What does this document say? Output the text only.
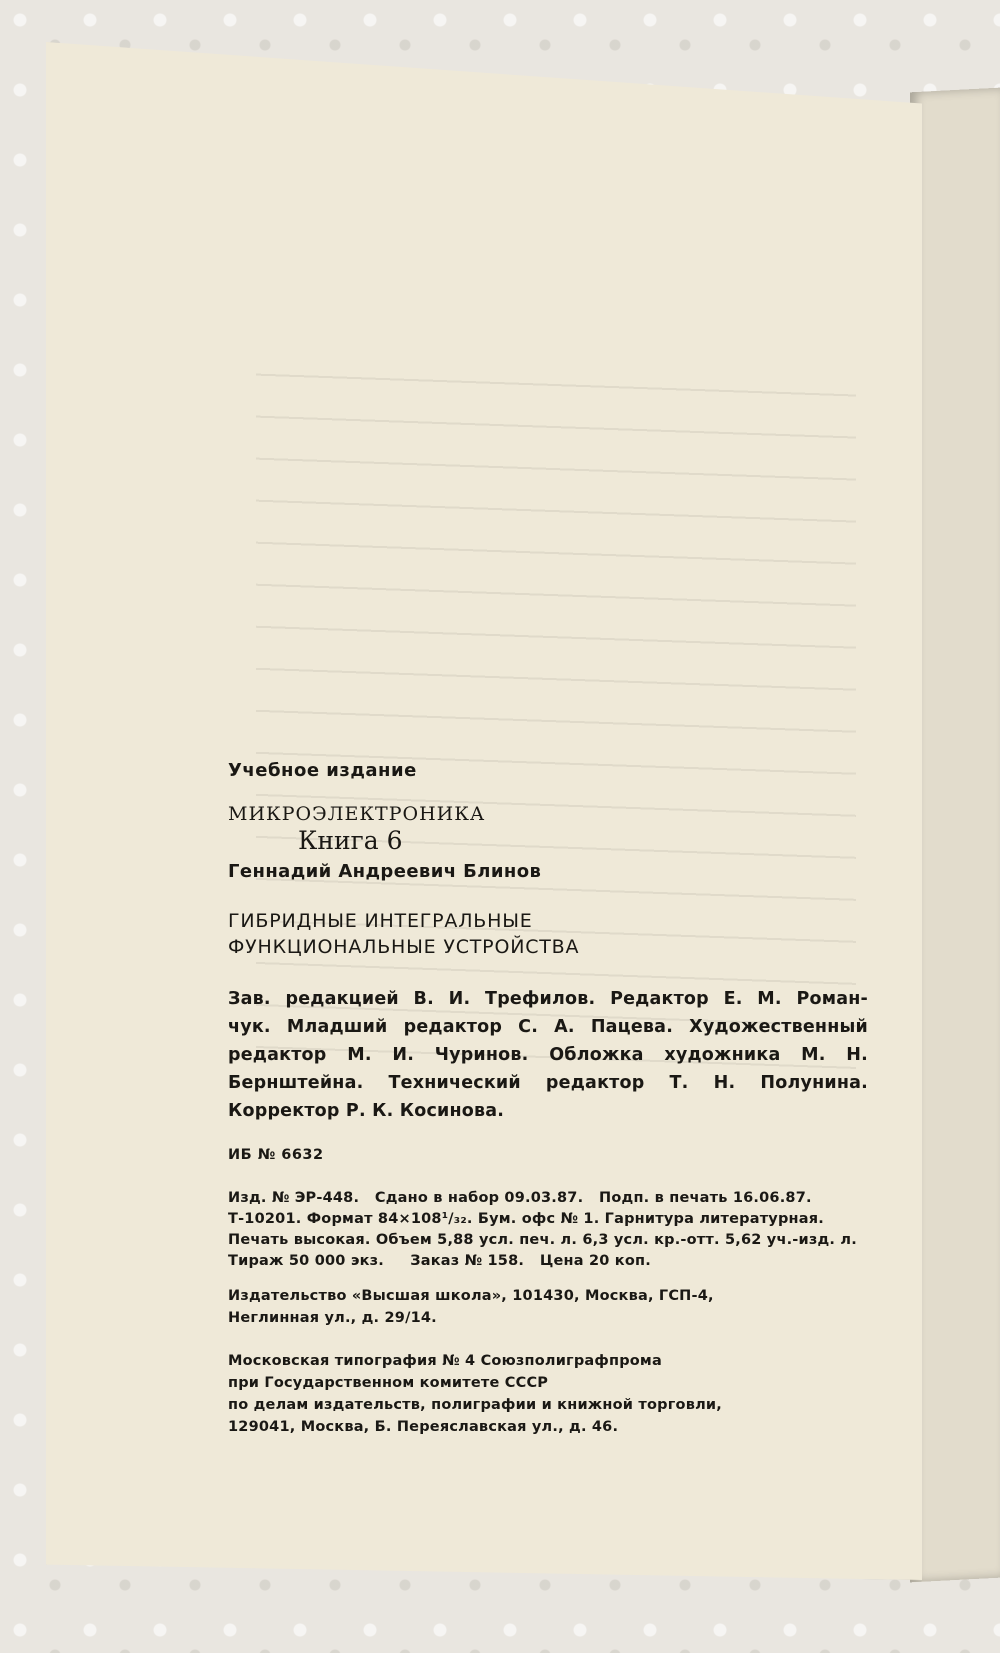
Учебное издание
МИКРОЭЛЕКТРОНИКА
Книга 6
Геннадий Андреевич Блинов
ГИБРИДНЫЕ ИНТЕГРАЛЬНЫЕ
ФУНКЦИОНАЛЬНЫЕ УСТРОЙСТВА
Зав. редакцией В. И. Трефилов. Редактор Е. М. Роман-
чук. Младший редактор С. А. Пацева. Художественный
редактор М. И. Чуринов. Обложка художника М. Н.
Бернштейна. Технический редактор Т. Н. Полунина.
Корректор Р. К. Косинова.
ИБ № 6632
Изд. № ЭР-448.   Сдано в набор 09.03.87.   Подп. в печать 16.06.87.
Т-10201. Формат 84×108¹/₃₂. Бум. офс № 1. Гарнитура литературная.
Печать высокая. Объем 5,88 усл. печ. л. 6,3 усл. кр.-отт. 5,62 уч.-изд. л.
Тираж 50 000 экз.     Заказ № 158.   Цена 20 коп.
Издательство «Высшая школа», 101430, Москва, ГСП-4,
Неглинная ул., д. 29/14.
Московская типография № 4 Союзполиграфпрома
при Государственном комитете СССР
по делам издательств, полиграфии и книжной торговли,
129041, Москва, Б. Переяславская ул., д. 46.
